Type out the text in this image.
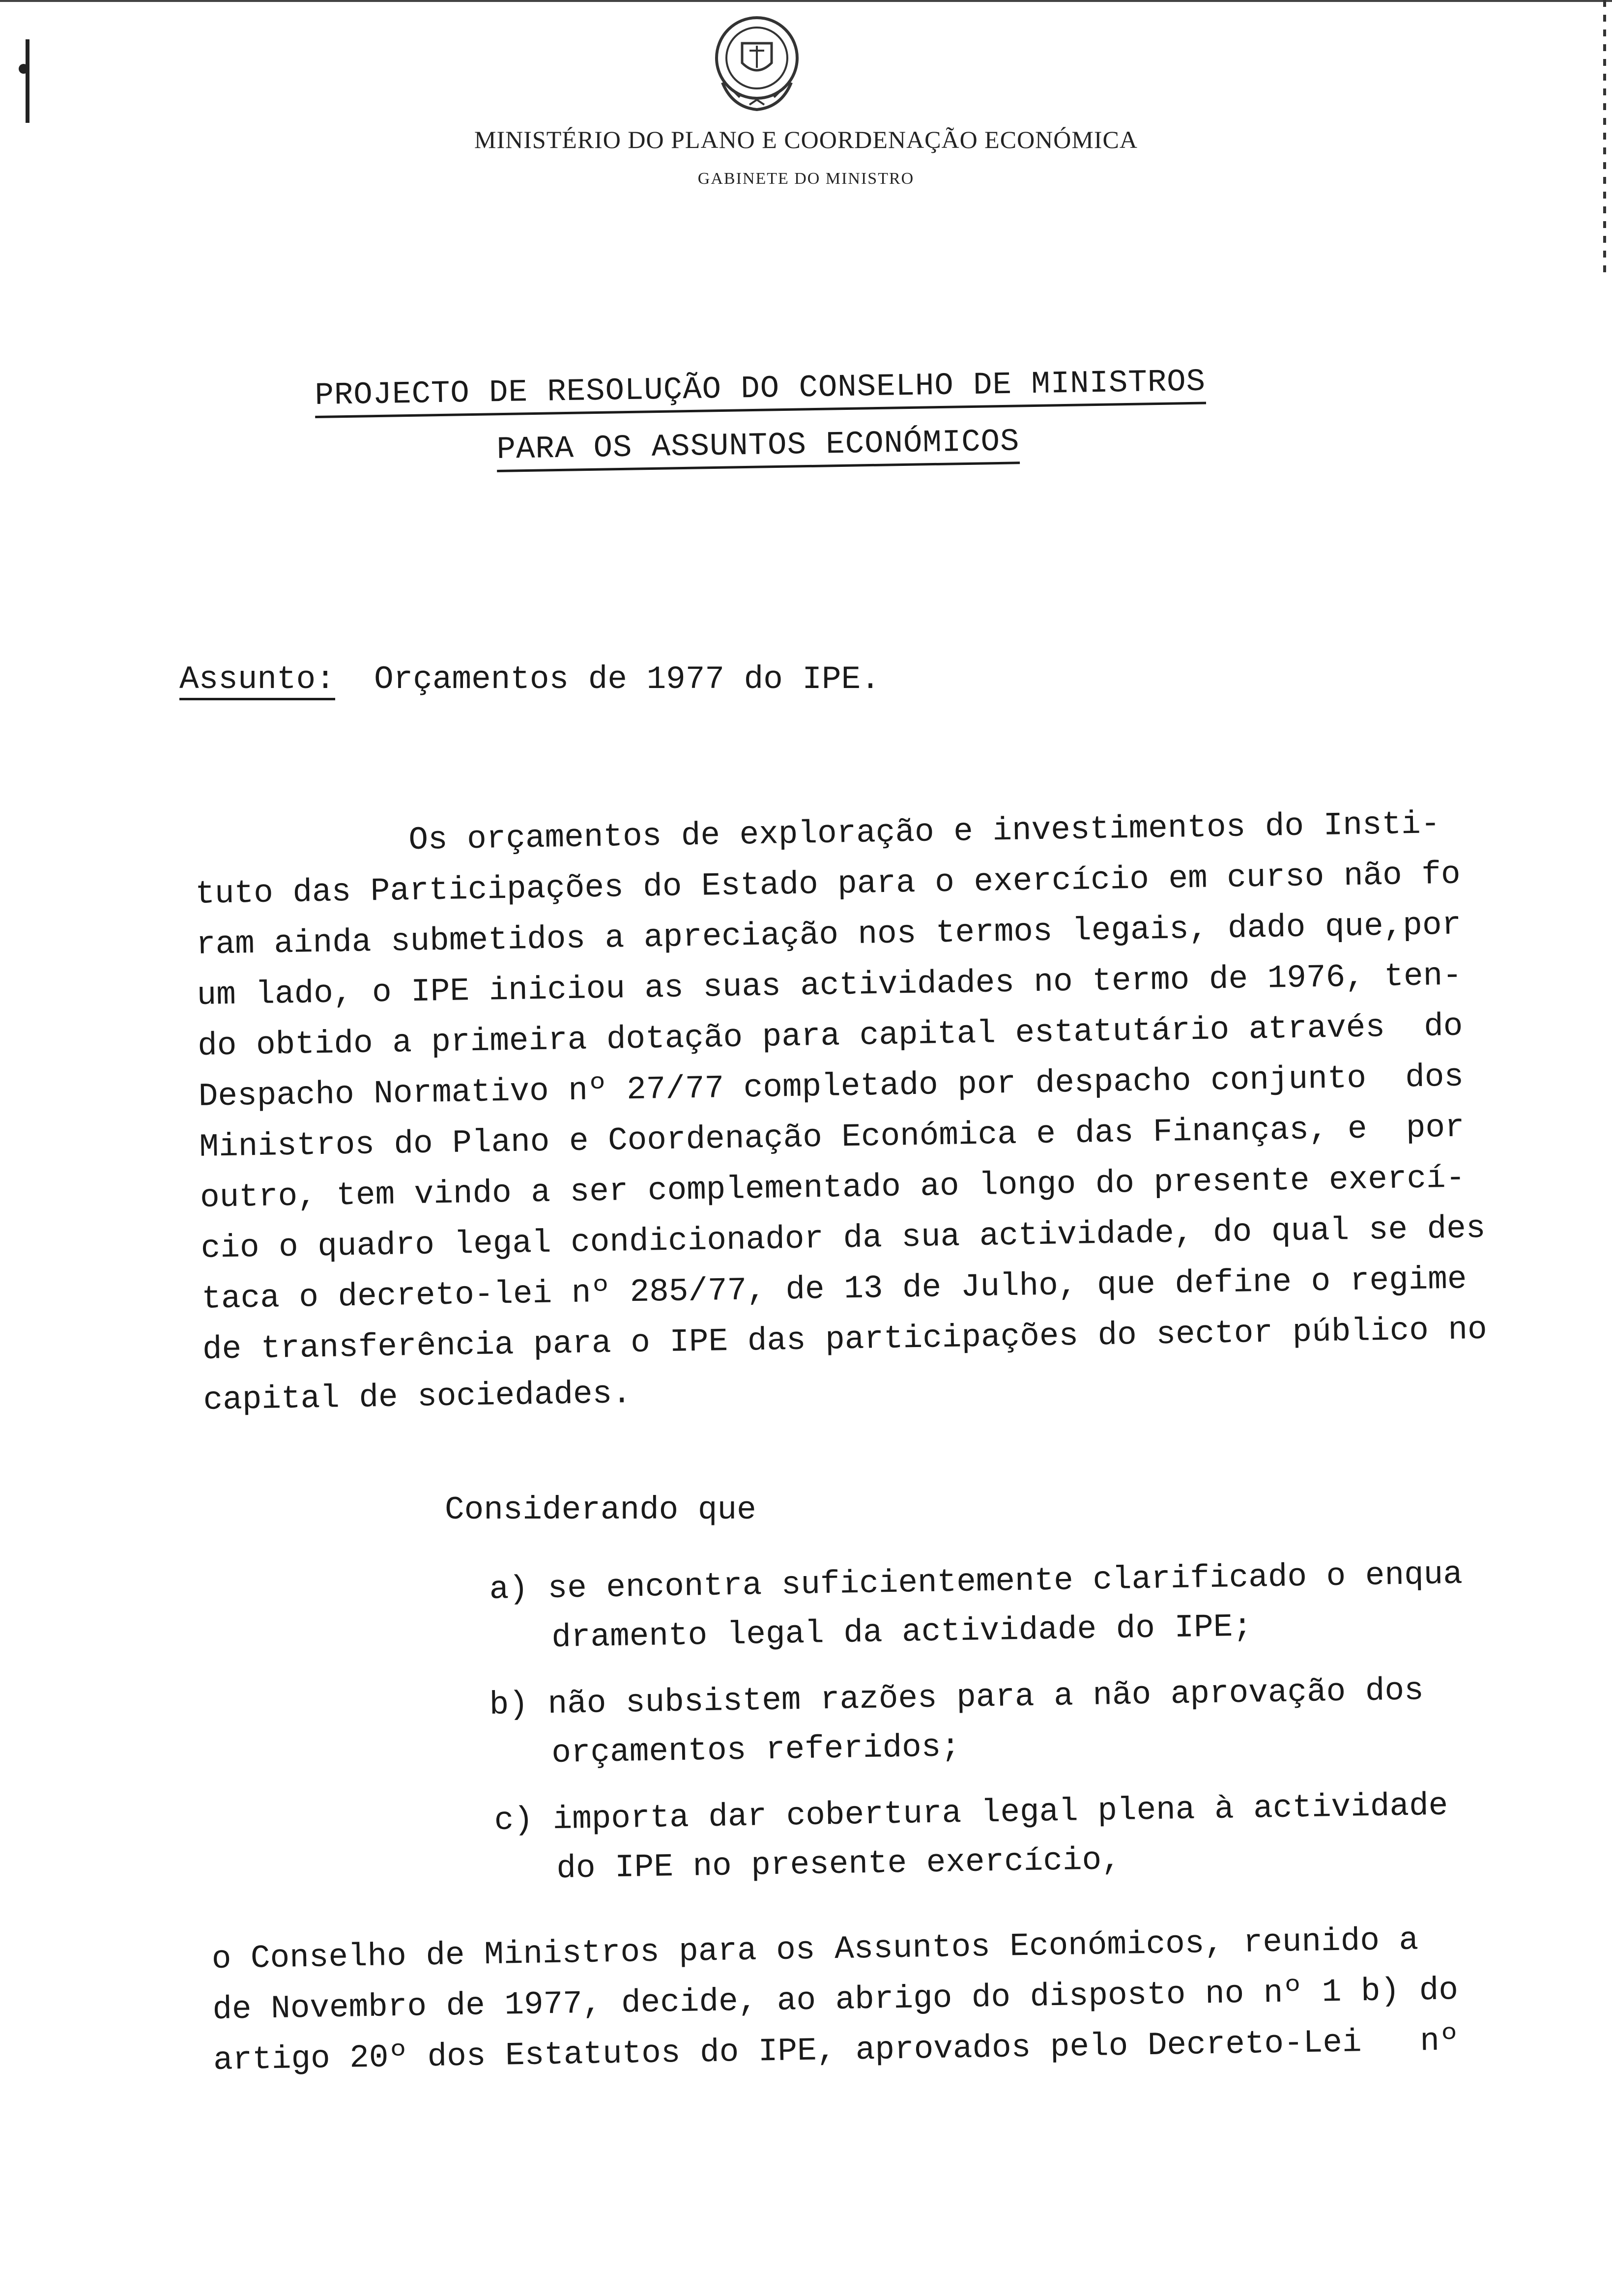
MINISTÉRIO DO PLANO E COORDENAÇÃO ECONÓMICA
GABINETE DO MINISTRO
PROJECTO DE RESOLUÇÃO DO CONSELHO DE MINISTROS
PARA OS ASSUNTOS ECONÓMICOS
Assunto: Orçamentos de 1977 do IPE.
Os orçamentos de exploração e investimentos do Insti-
tuto das Participações do Estado para o exercício em curso não fo
ram ainda submetidos a apreciação nos termos legais, dado que,por
um lado, o IPE iniciou as suas actividades no termo de 1976, ten-
do obtido a primeira dotação para capital estatutário através  do
Despacho Normativo nº 27/77 completado por despacho conjunto  dos
Ministros do Plano e Coordenação Económica e das Finanças, e  por
outro, tem vindo a ser complementado ao longo do presente exercí-
cio o quadro legal condicionador da sua actividade, do qual se des
taca o decreto-lei nº 285/77, de 13 de Julho, que define o regime
de transferência para o IPE das participações do sector público no
capital de sociedades.
Considerando que
a) se encontra suficientemente clarificado o enqua
dramento legal da actividade do IPE;
b) não subsistem razões para a não aprovação dos
orçamentos referidos;
c) importa dar cobertura legal plena à actividade
do IPE no presente exercício,
o Conselho de Ministros para os Assuntos Económicos, reunido a
de Novembro de 1977, decide, ao abrigo do disposto no nº 1 b) do
artigo 20º dos Estatutos do IPE, aprovados pelo Decreto-Lei   nº
